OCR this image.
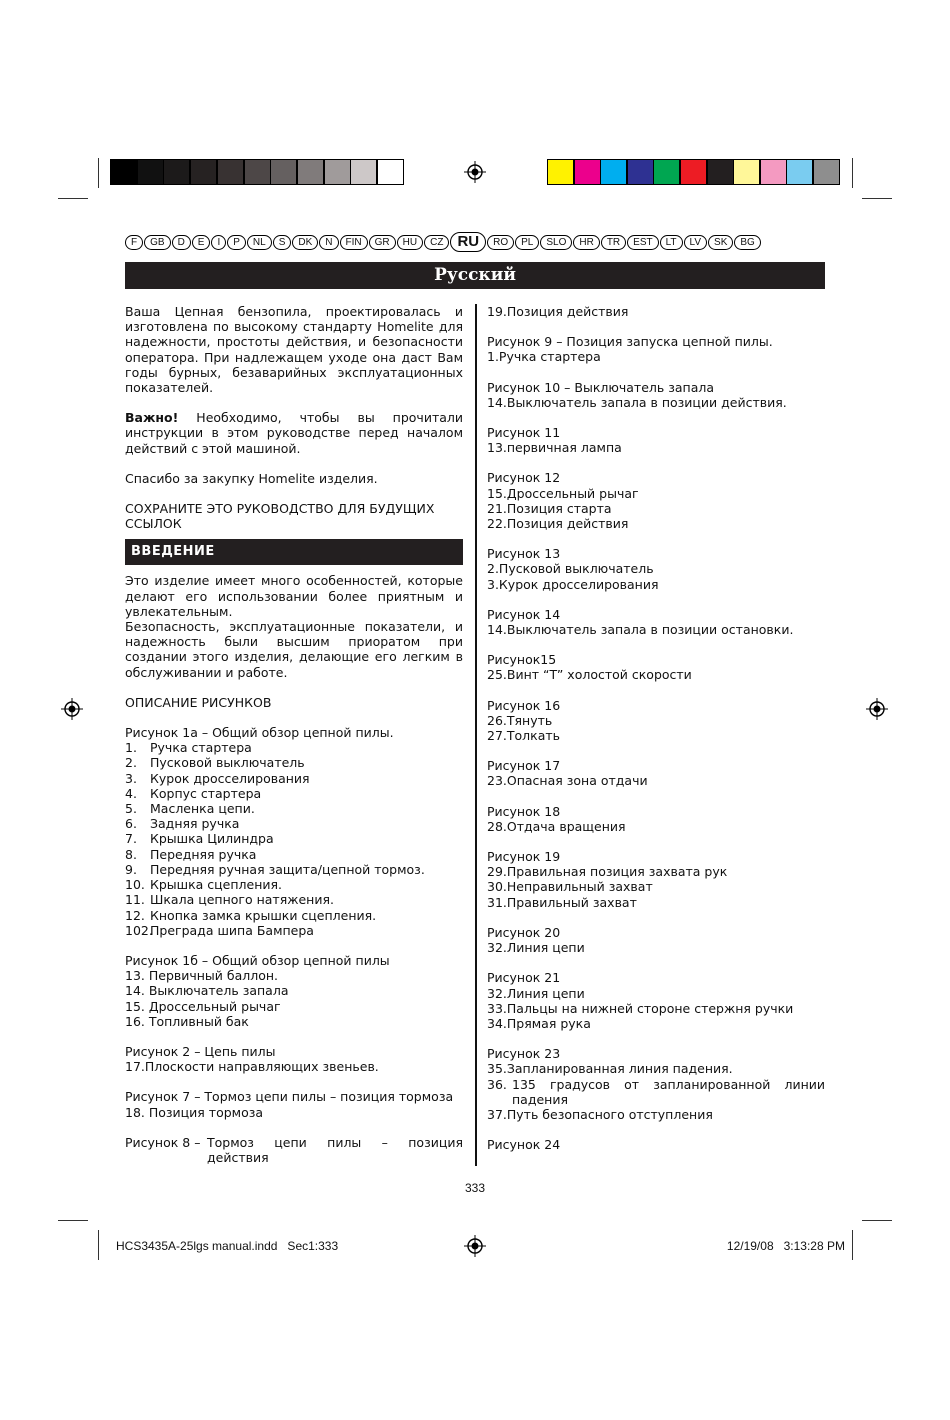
F	GB	D	E	I	P	NL	S	DK	N	FIN	GR	HU	CZ RU	RO	PL	SLO	HR	TR	EST	LT	LV	SK	BG
Русский

Ваша Цепная бензопила, проектировалась и изготовлена по высокому стандарту Homelite для надежности, простоты действия, и безопасности оператора. При надлежащем уходе она даст Вам годы бурных, безаварийных эксплуатационных показателей.

Важно! Необходимо, чтобы вы прочитали инструкции в этом руководстве перед началом действий с этой машиной.

Спасибо за закупку Homelite изделия.

СОХРАНИТЕ ЭТО РУКОВОДСТВО ДЛЯ БУДУЩИХ ССЫЛОК

ВВЕДЕНИЕ

Это изделие имеет много особенностей, которые делают его использовании более приятным и увлекательным.

Безопасность, эксплуатационные показатели, и надежность были высшим приоратом при создании этого изделия, делающие его легким в обслуживании и работе.

ОПИСАНИЕ РИСУНКОВ

Рисунок 1a – Общий обзор цепной пилы.

1.	Ручка стартера
2.	Пусковой выключатель
3.	Курок дросселирования
4.	Корпус стартера
5.	Масленка цепи.
6.	Задняя ручка
7.	Крышка Цилиндра
8.	Передняя ручка
9.	Передняя ручная защита/цепной тормоз.
10. Крышка сцепления.
11. Шкала цепного натяжения.
12. Кнопка замка крышки сцепления.
102.
Преграда шипа Бампера

Рисунок 1б – Общий обзор цепной пилы

13. Первичный баллон.

14. Выключатель запала

15. Дроссельный рычаг

16. Топливный бак

Рисунок 2 – Цепь пилы

17.Плоскости направляющих звеньев.

Рисунок 7 – Тормоз цепи пилы – позиция тормоза

18. Позиция тормоза

Рисунок 8 – Тормоз цепи пилы – позиция действия

19.Позиция действия

Рисунок 9 – Позиция запуска цепной пилы.

1.Ручка стартера

Рисунок 10 – Выключатель запала

14.Выключатель запала в позиции действия.

Рисунок 11

13.первичная лампа

Рисунок 12

15.Дроссельный рычаг

21.Позиция старта

22.Позиция действия

Рисунок 13

2.Пусковой выключатель

3.Курок дросселирования

Рисунок 14

14.Выключатель запала в позиции остановки.

Рисунок15

25.Винт “T” холостой скорости

Рисунок 16

26.Тянуть

27.Толкать

Рисунок 17

23.Опасная зона отдачи

Рисунок 18

28.Отдача вращения

Рисунок 19

29.Правильная позиция захвата рук

30.Неправильный захват

31.Правильный захват

Рисунок 20

32.Линия цепи

Рисунок 21

32.Линия цепи

33.Пальцы на нижней стороне стержня ручки

34.Прямая рука

Рисунок 23

35.Запланированная линия падения.

36. 135 градусов от запланированной линии падения

37.Путь безопасного отступления

Рисунок 24

333
HCS3435A-25lgs manual.indd   Sec1:333	12/19/08   3:13:28 PM
